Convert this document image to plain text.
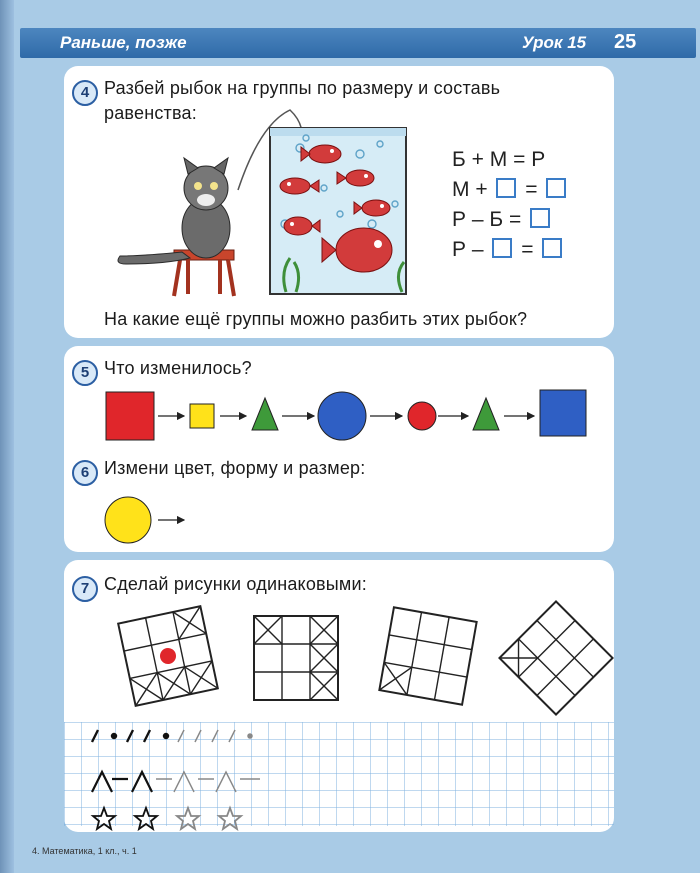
Раньше, позже	Урок 15 25
4 Разбей рыбок на группы по размеру и составь
равенства:
Б + М = Р
М + =
Р – Б =
Р – =
На какие ещё группы можно разбить этих рыбок?
5 Что изменилось?
6 Измени цвет, форму и размер:
7 Сделай рисунки одинаковыми:
4. Математика, 1 кл., ч. 1
